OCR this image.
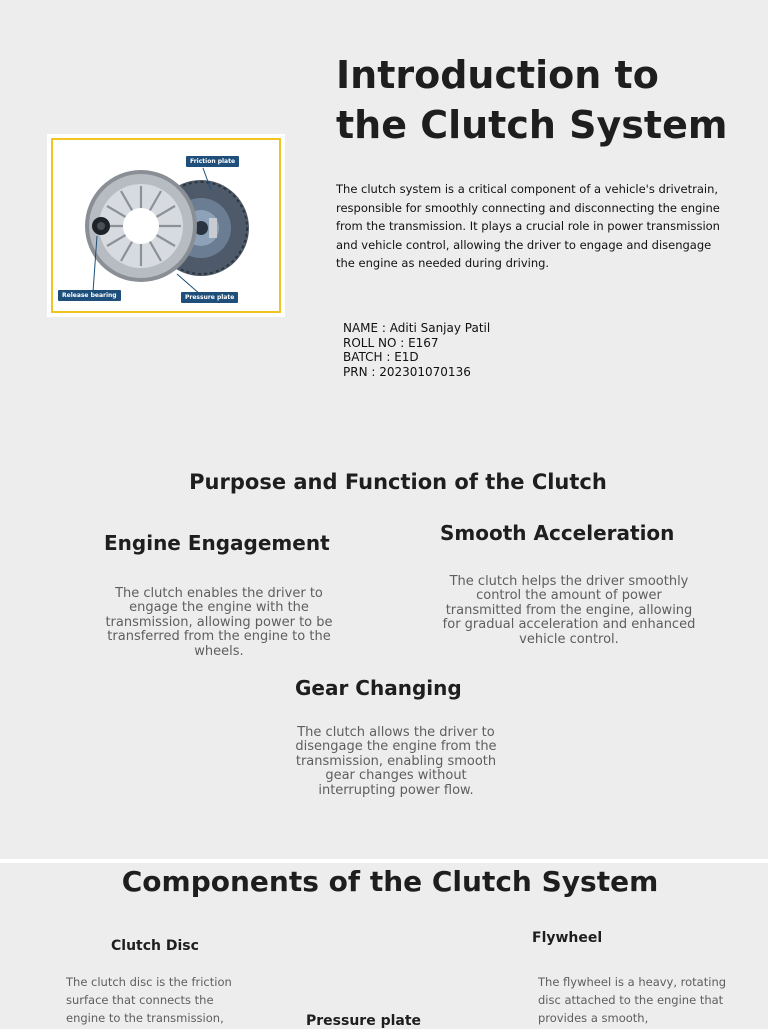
Friction plate
Release bearing	Pressure plate
Introduction to the Clutch System

The clutch system is a critical component of a vehicle's drivetrain, responsible for smoothly connecting and disconnecting the engine from the transmission. It plays a crucial role in power transmission and vehicle control, allowing the driver to engage and disengage the engine as needed during driving.

NAME : Aditi Sanjay Patil
ROLL NO : E167
BATCH : E1D
PRN : 202301070136
Purpose and Function of the Clutch
Engine Engagement

The clutch enables the driver to engage the engine with the transmission, allowing power to be transferred from the engine to the wheels.

Smooth Acceleration

The clutch helps the driver smoothly control the amount of power transmitted from the engine, allowing for gradual acceleration and enhanced vehicle control.

Gear Changing

The clutch allows the driver to disengage the engine from the transmission, enabling smooth gear changes without interrupting power flow.

Components of the Clutch System
Clutch Disc

The clutch disc is the friction surface that connects the engine to the transmission,	Pressure plate
Flywheel

The flywheel is a heavy, rotating disc attached to the engine that provides a smooth,
